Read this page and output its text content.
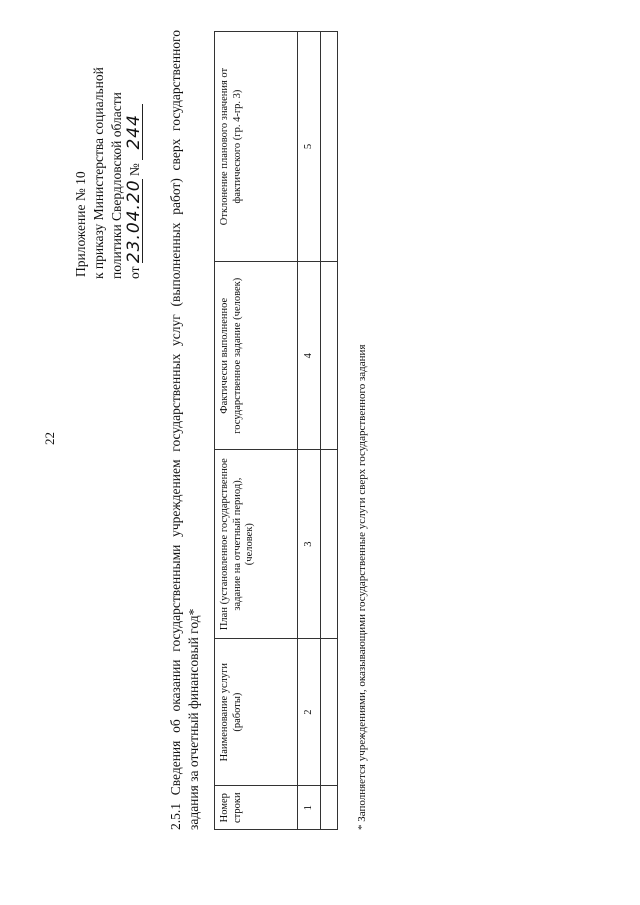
22
Приложение № 10 к приказу Министерства социальной политики Свердловской области от 23.04.20 № 244 2.5.1 Сведения об оказании государственными учреждением государственных услуг (выполненных работ) сверх государственного задания за отчетный финансовый год* Номер строки	Наименование услуги (работы)	План (установленное государственное задание на отчетный период), (человек)	Фактически выполненное государственное задание (человек)	Отклонение планового значения от фактического (гр. 4-гр. 3)
1	2	3	4	5

* Заполняется учреждениями, оказывающими государственные услуги сверх государственного задания
